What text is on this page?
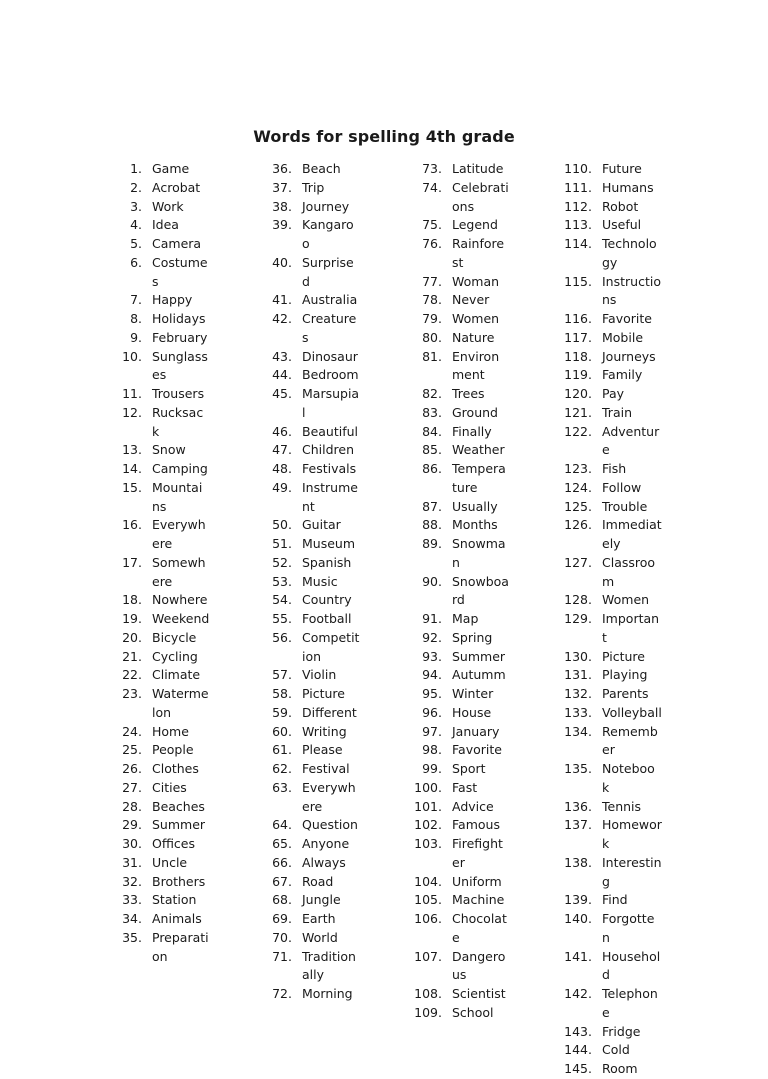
Words for spelling 4th grade
1. Game
2. Acrobat
3. Work
4. Idea
5. Camera
6. Costumes
7. Happy
8. Holidays
9. February
10. Sunglasses
11. Trousers
12. Rucksack
13. Snow
14. Camping
15. Mountains
16. Everywhere
17. Somewhere
18. Nowhere
19. Weekend
20. Bicycle
21. Cycling
22. Climate
23. Watermelon
24. Home
25. People
26. Clothes
27. Cities
28. Beaches
29. Summer
30. Offices
31. Uncle
32. Brothers
33. Station
34. Animals
35. Preparation
36. Beach
37. Trip
38. Journey
39. Kangaroo
40. Surprised
41. Australia
42. Creatures
43. Dinosaur
44. Bedroom
45. Marsupial
46. Beautiful
47. Children
48. Festivals
49. Instrument
50. Guitar
51. Museum
52. Spanish
53. Music
54. Country
55. Football
56. Competition
57. Violin
58. Picture
59. Different
60. Writing
61. Please
62. Festival
63. Everywhere
64. Question
65. Anyone
66. Always
67. Road
68. Jungle
69. Earth
70. World
71. Traditionally
72. Morning
73. Latitude
74. Celebrations
75. Legend
76. Rainforest
77. Woman
78. Never
79. Women
80. Nature
81. Environment
82. Trees
83. Ground
84. Finally
85. Weather
86. Temperature
87. Usually
88. Months
89. Snowman
90. Snowboard
91. Map
92. Spring
93. Summer
94. Autumm
95. Winter
96. House
97. January
98. Favorite
99. Sport
100. Fast
101. Advice
102. Famous
103. Firefighter
104. Uniform
105. Machine
106. Chocolate
107. Dangerous
108. Scientist
109. School
110. Future
111. Humans
112. Robot
113. Useful
114. Technology
115. Instructions
116. Favorite
117. Mobile
118. Journeys
119. Family
120. Pay
121. Train
122. Adventure
123. Fish
124. Follow
125. Trouble
126. Immediately
127. Classroom
128. Women
129. Important
130. Picture
131. Playing
132. Parents
133. Volleyball
134. Remember
135. Notebook
136. Tennis
137. Homework
138. Interesting
139. Find
140. Forgotten
141. Household
142. Telephone
143. Fridge
144. Cold
145. Room
